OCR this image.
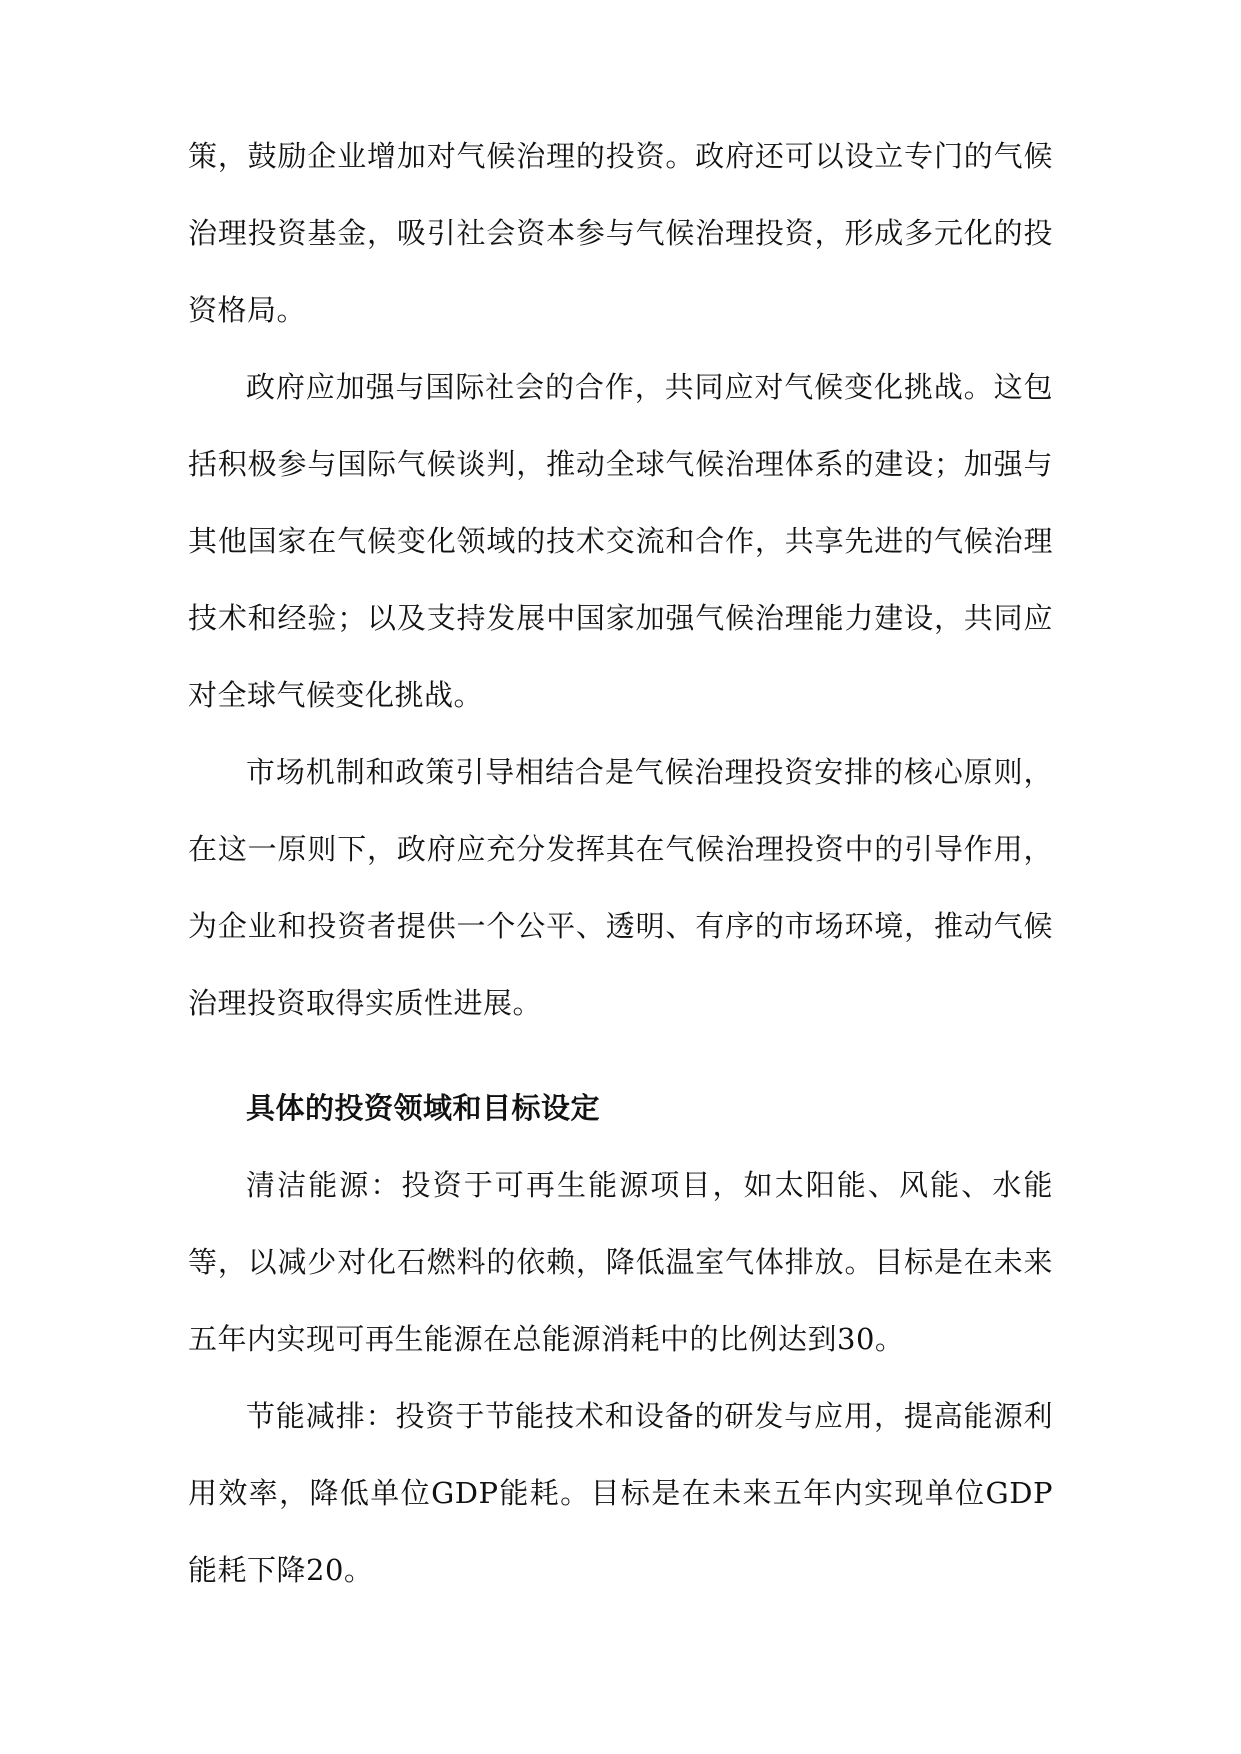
策，鼓励企业增加对气候治理的投资。政府还可以设立专门的气候治理投资基金，吸引社会资本参与气候治理投资，形成多元化的投资格局。

政府应加强与国际社会的合作，共同应对气候变化挑战。这包括积极参与国际气候谈判，推动全球气候治理体系的建设；加强与其他国家在气候变化领域的技术交流和合作，共享先进的气候治理技术和经验；以及支持发展中国家加强气候治理能力建设，共同应对全球气候变化挑战。

市场机制和政策引导相结合是气候治理投资安排的核心原则，在这一原则下，政府应充分发挥其在气候治理投资中的引导作用，为企业和投资者提供一个公平、透明、有序的市场环境，推动气候治理投资取得实质性进展。

具体的投资领域和目标设定

清洁能源：投资于可再生能源项目，如太阳能、风能、水能等，以减少对化石燃料的依赖，降低温室气体排放。目标是在未来五年内实现可再生能源在总能源消耗中的比例达到30。

节能减排：投资于节能技术和设备的研发与应用，提高能源利用效率，降低单位GDP能耗。目标是在未来五年内实现单位GDP能耗下降20。
